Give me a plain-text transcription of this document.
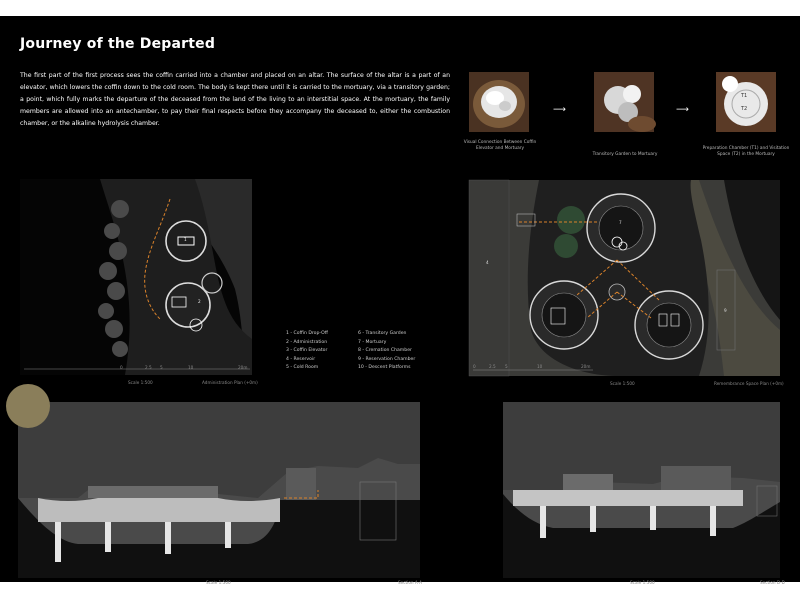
Journey of the Departed
The first part of the first process sees the coffin carried into a chamber and placed on an altar. The surface of the altar is a part of an elevator, which lowers the coffin down to the cold room. The body is kept there until it is carried to the mortuary, via a transitory garden; a point, which fully marks the departure of the deceased from the land of the living to an interstitial space. At the mortuary, the family members are allowed into an antechamber, to pay their final respects before they accompany the deceased to, either the combustion chamber, or the alkaline hydrolysis chamber.
Visual Connection Between Coffin Elevator and Mortuary
⟶
Transitory Garden to Mortuary
⟶
T1
T2
Preparation Chamber (T1) and Visitation Space (T2) in the Mortuary
1
2
0	2.5 5	10	20m
Scale 1:500	Administration Plan (+0m)
1 - Coffin Drop-Off
2 - Administration
3 - Coffin Elevator
4 - Reservoir
5 - Cold Room
6 - Transitory Garden
7 - Mortuary
8 - Cremation Chamber
9 - Reservation Chamber
10 - Descent Platforms
7
4
9
0	2.5 5	10	20m
Scale 1:500	Remembrance Space Plan (+0m)
Scale 1:500	Section A-A	Scale 1:500	Section D-D
